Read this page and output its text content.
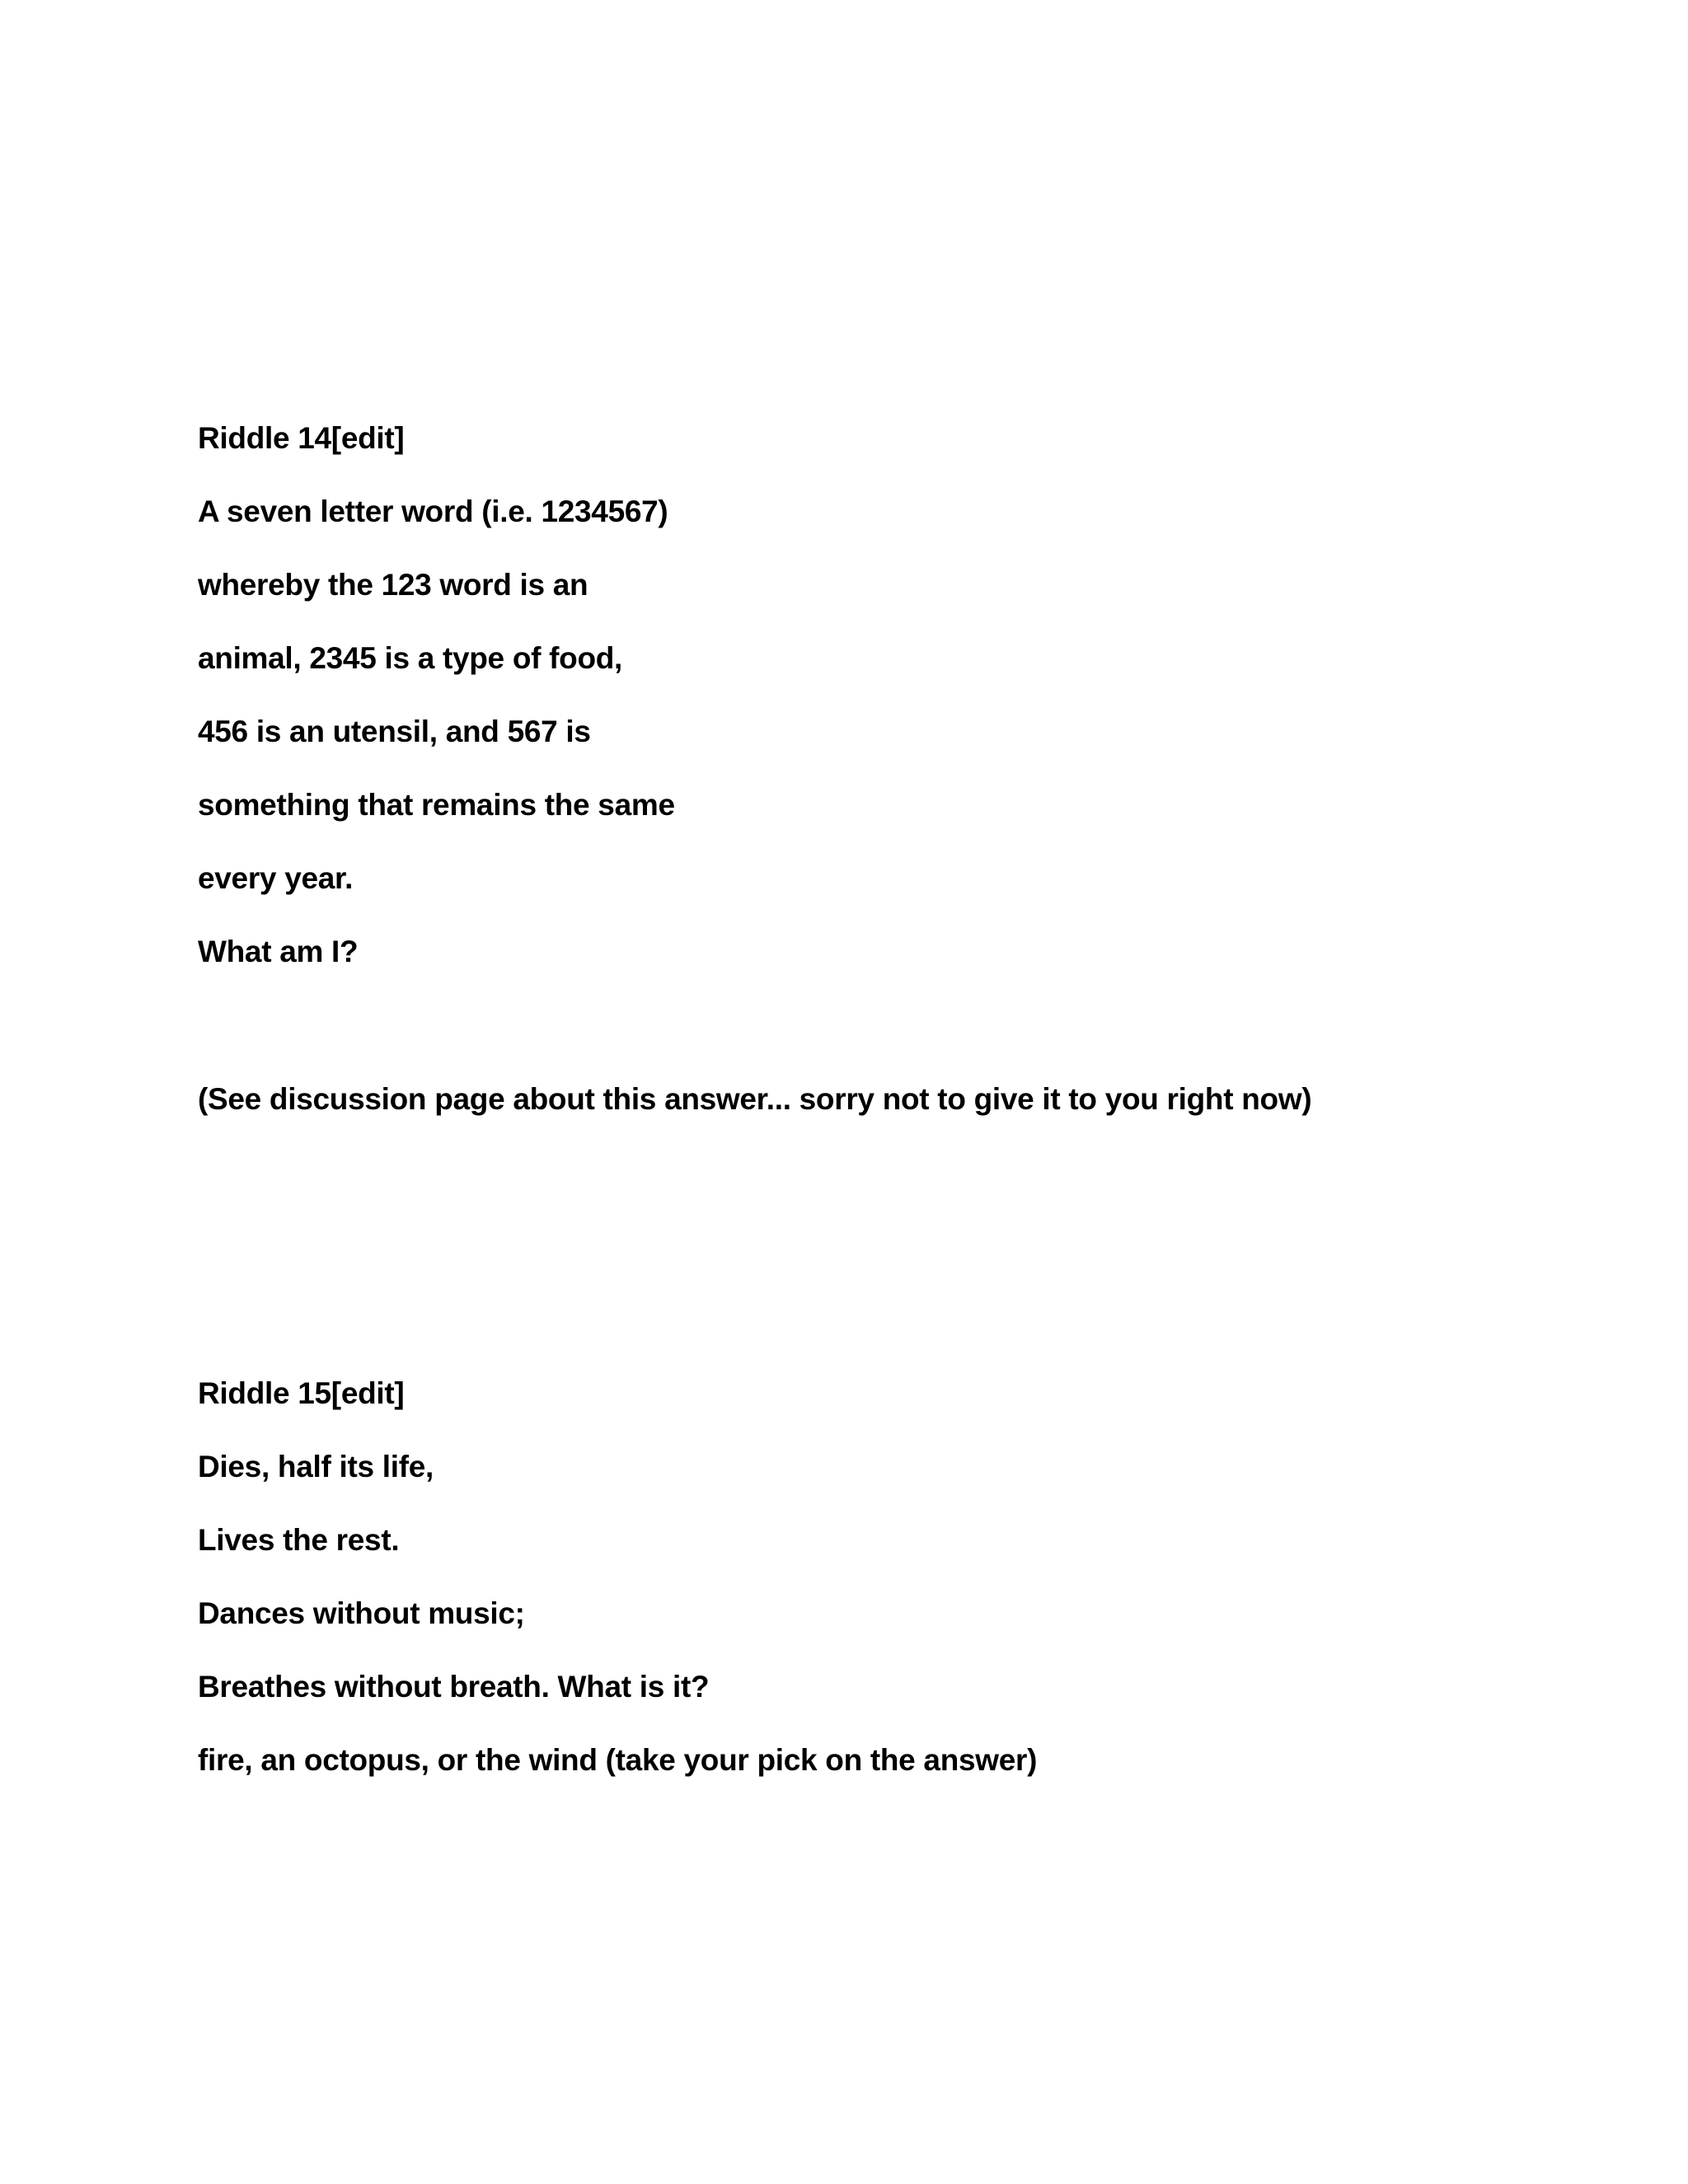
Riddle 14[edit]

A seven letter word (i.e. 1234567)

whereby the 123 word is an

animal, 2345 is a type of food,

456 is an utensil, and 567 is

something that remains the same

every year.

What am I?

(See discussion page about this answer... sorry not to give it to you right now)

Riddle 15[edit]

Dies, half its life,

Lives the rest.

Dances without music;

Breathes without breath. What is it?

fire, an octopus, or the wind (take your pick on the answer)
